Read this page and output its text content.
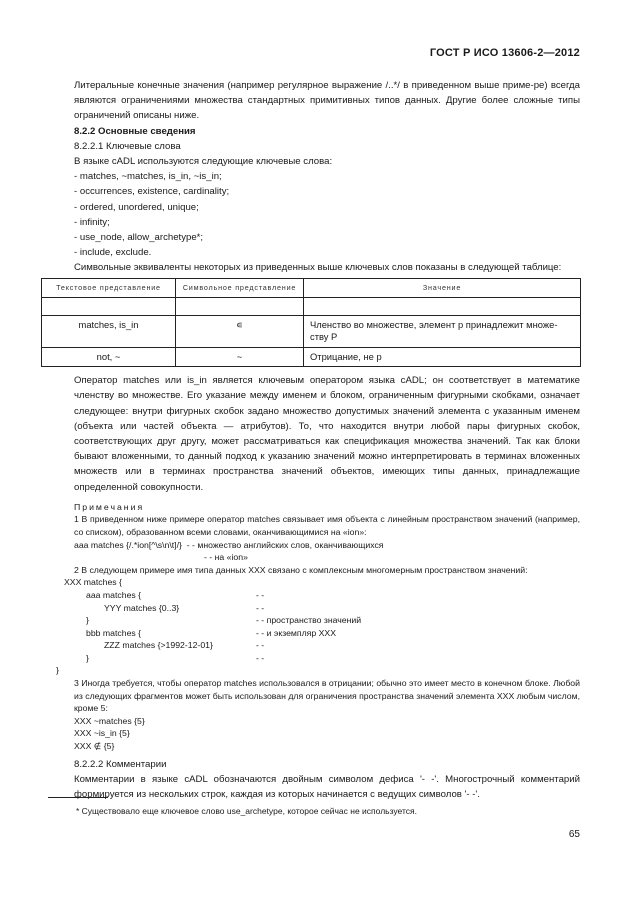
ГОСТ Р ИСО 13606-2—2012

Литеральные конечные значения (например регулярное выражение /..*/ в приведенном выше приме-ре) всегда являются ограничениями множества стандартных примитивных типов данных. Другие более сложные типы ограничений описаны ниже.

8.2.2 Основные сведения

8.2.2.1 Ключевые слова

В языке cADL используются следующие ключевые слова:

- matches, ~matches, is_in, ~is_in;

- occurrences, existence, cardinality;

- ordered, unordered, unique;

- infinity;

- use_node, allow_archetype*;

- include, exclude.

Символьные эквиваленты некоторых из приведенных выше ключевых слов показаны в следующей таблице:

Текстовое представление	Символьное представление	Значение

matches, is_in	∊	Членство во множестве, элемент p принадлежит множе-ству P
not, ~	~	Отрицание, не p

Оператор matches или is_in является ключевым оператором языка cADL; он соответствует в математике членству во множестве. Его указание между именем и блоком, ограниченным фигурными скобками, означает следующее: внутри фигурных скобок задано множество допустимых значений элемента с указанным именем (объекта или частей объекта — атрибутов). То, что находится внутри любой пары фигурных скобок, соответствующих друг другу, может рассматриваться как спецификация множества значений. Так как блоки бывают вложенными, то данный подход к указанию значений можно интерпретировать в терминах вложенных множеств или в терминах пространства значений объектов, имеющих типы данных, принадлежащие определенной совокупности.

Примечания

1 В приведенном ниже примере оператор matches связывает имя объекта с линейным пространством значений (например, со списком), образованном всеми словами, оканчивающимися на «ion»:

aaa matches {/.*ion[^\s\n\t]/}  - - множество английских слов, оканчивающихся
- - на «ion»

2 В следующем примере имя типа данных XXX связано с комплексным многомерным пространством значений:

XXX matches {
aaa matches {	- -
YYY matches {0..3}	- -
}	- - пространство значений
bbb matches {	- - и экземпляр XXX
ZZZ matches {>1992-12-01}	- -
}	- -
}

3 Иногда требуется, чтобы оператор matches использовался в отрицании; обычно это имеет место в конечном блоке. Любой из следующих фрагментов может быть использован для ограничения пространства значений элемента XXX любым числом, кроме 5:

XXX ~matches {5}
XXX ~is_in {5}
XXX ∉ {5}

8.2.2.2 Комментарии

Комментарии в языке cADL обозначаются двойным символом дефиса '- -'. Многострочный комментарий формируется из нескольких строк, каждая из которых начинается с ведущих символов '- -'.

* Существовало еще ключевое слово use_archetype, которое сейчас не используется.
65
